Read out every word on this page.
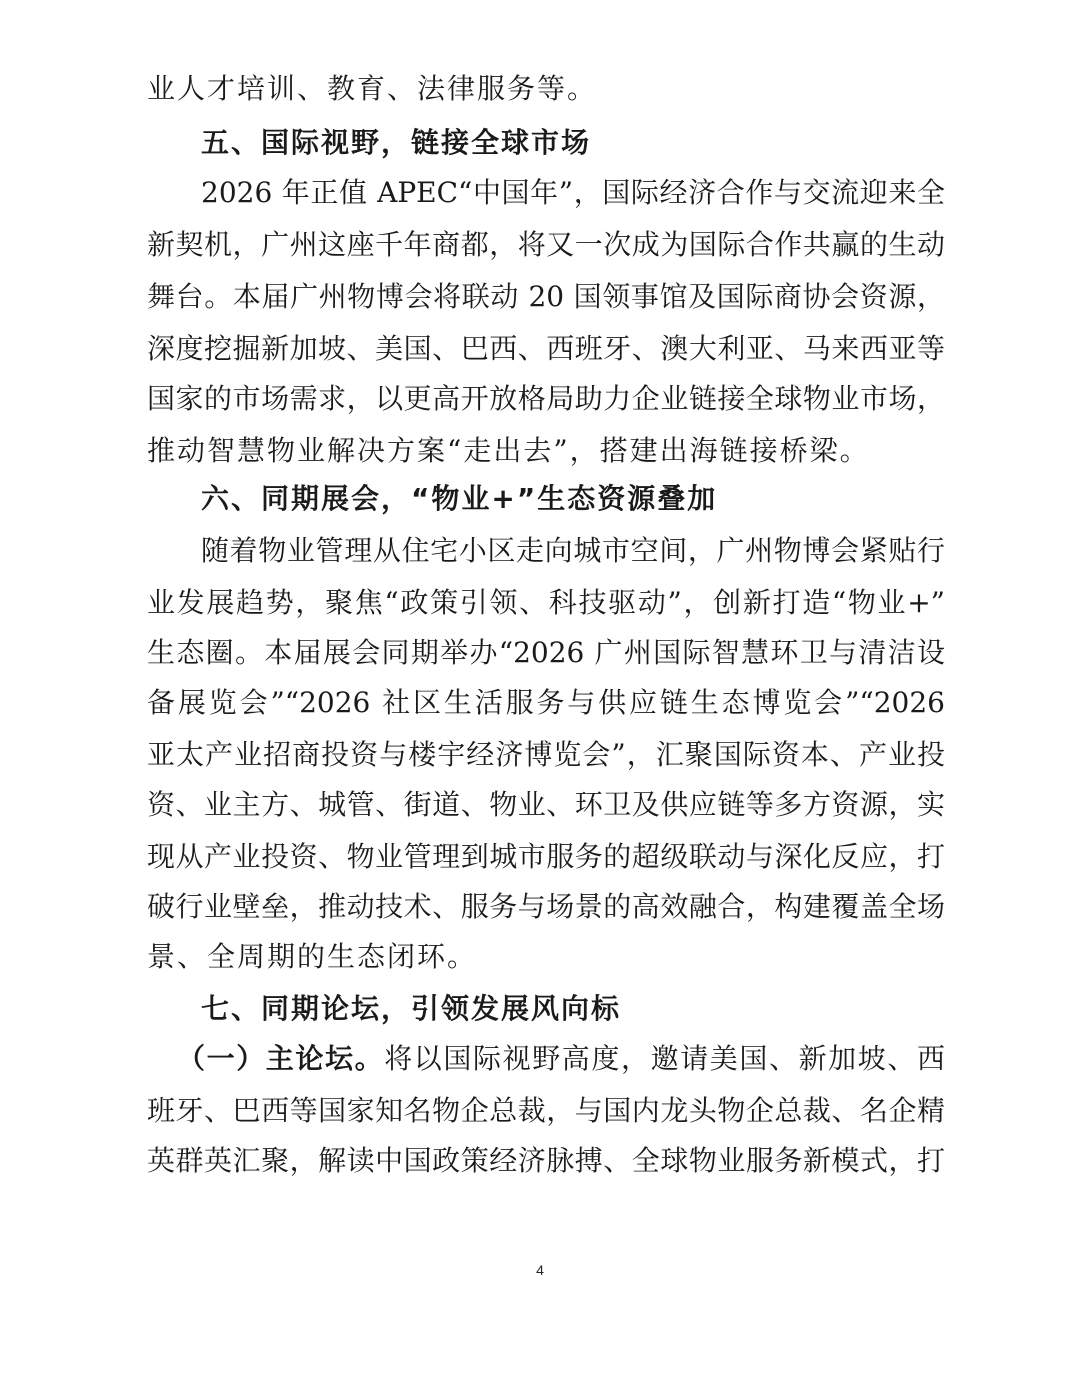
业人才培训、教育、法律服务等。
五、国际视野，链接全球市场
2026 年正值 APEC“中国年”，国际经济合作与交流迎来全
新契机，广州这座千年商都，将又一次成为国际合作共赢的生动
舞台。本届广州物博会将联动 20 国领事馆及国际商协会资源，
深度挖掘新加坡、美国、巴西、西班牙、澳大利亚、马来西亚等
国家的市场需求，以更高开放格局助力企业链接全球物业市场，
推动智慧物业解决方案“走出去”，搭建出海链接桥梁。
六、同期展会，“物业+”生态资源叠加
随着物业管理从住宅小区走向城市空间，广州物博会紧贴行
业发展趋势，聚焦“政策引领、科技驱动”，创新打造“物业+”
生态圈。本届展会同期举办“2026 广州国际智慧环卫与清洁设
备展览会”“2026 社区生活服务与供应链生态博览会”“2026
亚太产业招商投资与楼宇经济博览会”，汇聚国际资本、产业投
资、业主方、城管、街道、物业、环卫及供应链等多方资源，实
现从产业投资、物业管理到城市服务的超级联动与深化反应，打
破行业壁垒，推动技术、服务与场景的高效融合，构建覆盖全场
景、全周期的生态闭环。
七、同期论坛，引领发展风向标
（一）主论坛。将以国际视野高度，邀请美国、新加坡、西
班牙、巴西等国家知名物企总裁，与国内龙头物企总裁、名企精
英群英汇聚，解读中国政策经济脉搏、全球物业服务新模式，打
4
